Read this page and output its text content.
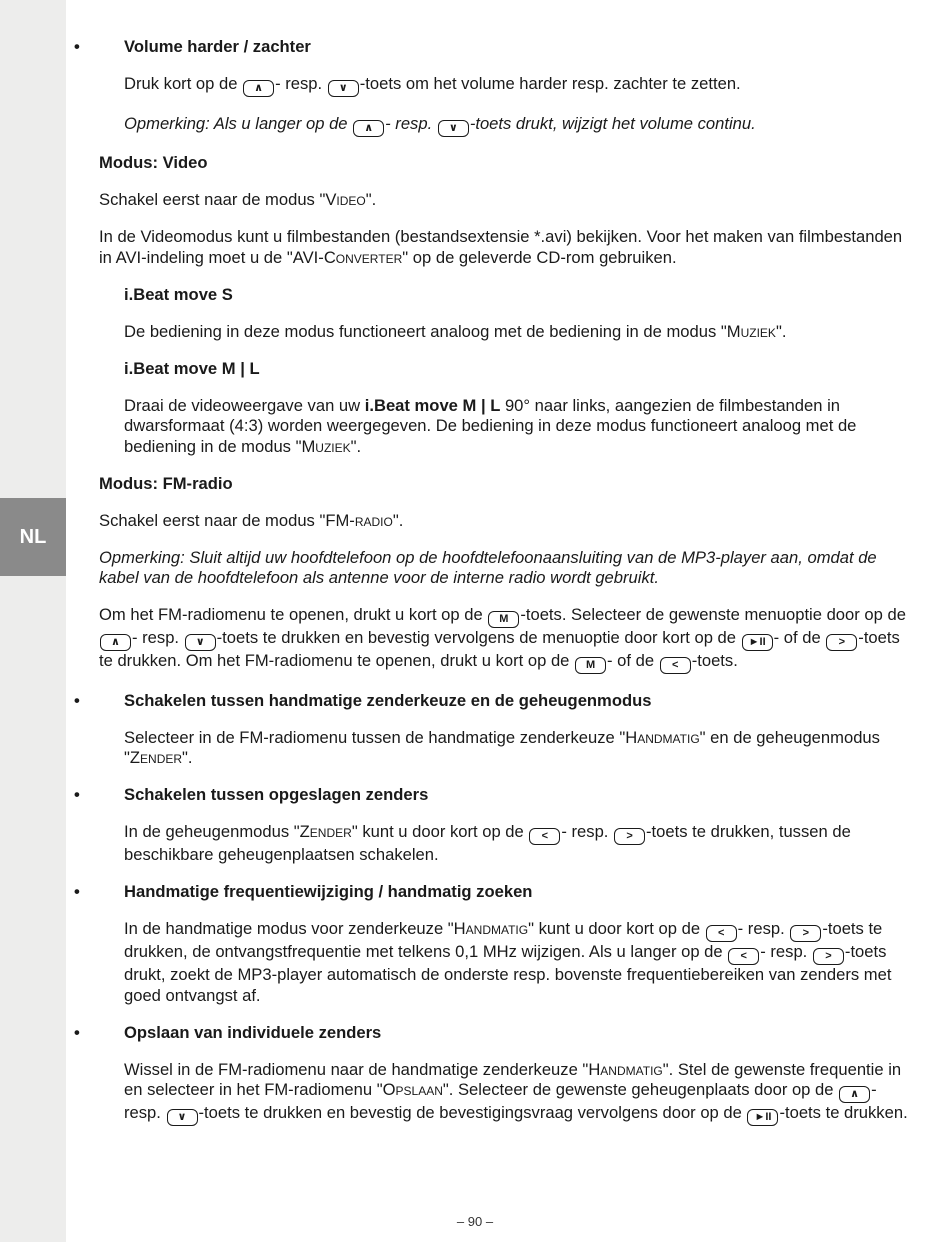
NL

• Volume harder / zachter

Druk kort op de ∧ - resp. ∨ -toets om het volume harder resp. zachter te zetten.

Opmerking: Als u langer op de ∧ - resp. ∨ -toets drukt, wijzigt het volume continu.

Modus: Video

Schakel eerst naar de modus "Video".

In de Videomodus kunt u filmbestanden (bestandsextensie *.avi) bekijken. Voor het maken van filmbestanden in AVI-indeling moet u de "AVI-Converter" op de geleverde CD-rom gebruiken.

i.Beat move S

De bediening in deze modus functioneert analoog met de bediening in de modus "Muziek".

i.Beat move M | L

Draai de videoweergave van uw i.Beat move M | L 90° naar links, aangezien de filmbestanden in dwarsformaat (4:3) worden weergegeven. De bediening in deze modus functioneert analoog met de bediening in de modus "Muziek".

Modus: FM-radio

Schakel eerst naar de modus "FM-radio".

Opmerking: Sluit altijd uw hoofdtelefoon op de hoofdtelefoonaansluiting van de MP3-player aan, omdat de kabel van de hoofdtelefoon als antenne voor de interne radio wordt gebruikt.

Om het FM-radiomenu te openen, drukt u kort op de M -toets. Selecteer de gewenste menuoptie door op de ∧ - resp. ∨ -toets te drukken en bevestig vervolgens de menuoptie door kort op de ►II - of de > -toets te drukken. Om het FM-radiomenu te openen, drukt u kort op de M - of de < -toets.

• Schakelen tussen handmatige zenderkeuze en de geheugenmodus

Selecteer in de FM-radiomenu tussen de handmatige zenderkeuze "Handmatig" en de geheugenmodus "Zender".

• Schakelen tussen opgeslagen zenders

In de geheugenmodus "Zender" kunt u door kort op de < - resp. > -toets te drukken, tussen de beschikbare geheugenplaatsen schakelen.

• Handmatige frequentiewijziging / handmatig zoeken

In de handmatige modus voor zenderkeuze "Handmatig" kunt u door kort op de < - resp. > -toets te drukken, de ontvangstfrequentie met telkens 0,1 MHz wijzigen. Als u langer op de < - resp. > -toets drukt, zoekt de MP3-player automatisch de onderste resp. bovenste frequentiebereiken van zenders met goed ontvangst af.

• Opslaan van individuele zenders

Wissel in de FM-radiomenu naar de handmatige zenderkeuze "Handmatig". Stel de gewenste frequentie in en selecteer in het FM-radiomenu "Opslaan". Selecteer de gewenste geheugenplaats door op de ∧ - resp. ∨ -toets te drukken en bevestig de bevestigingsvraag vervolgens door op de ►II -toets te drukken.

– 90 –
